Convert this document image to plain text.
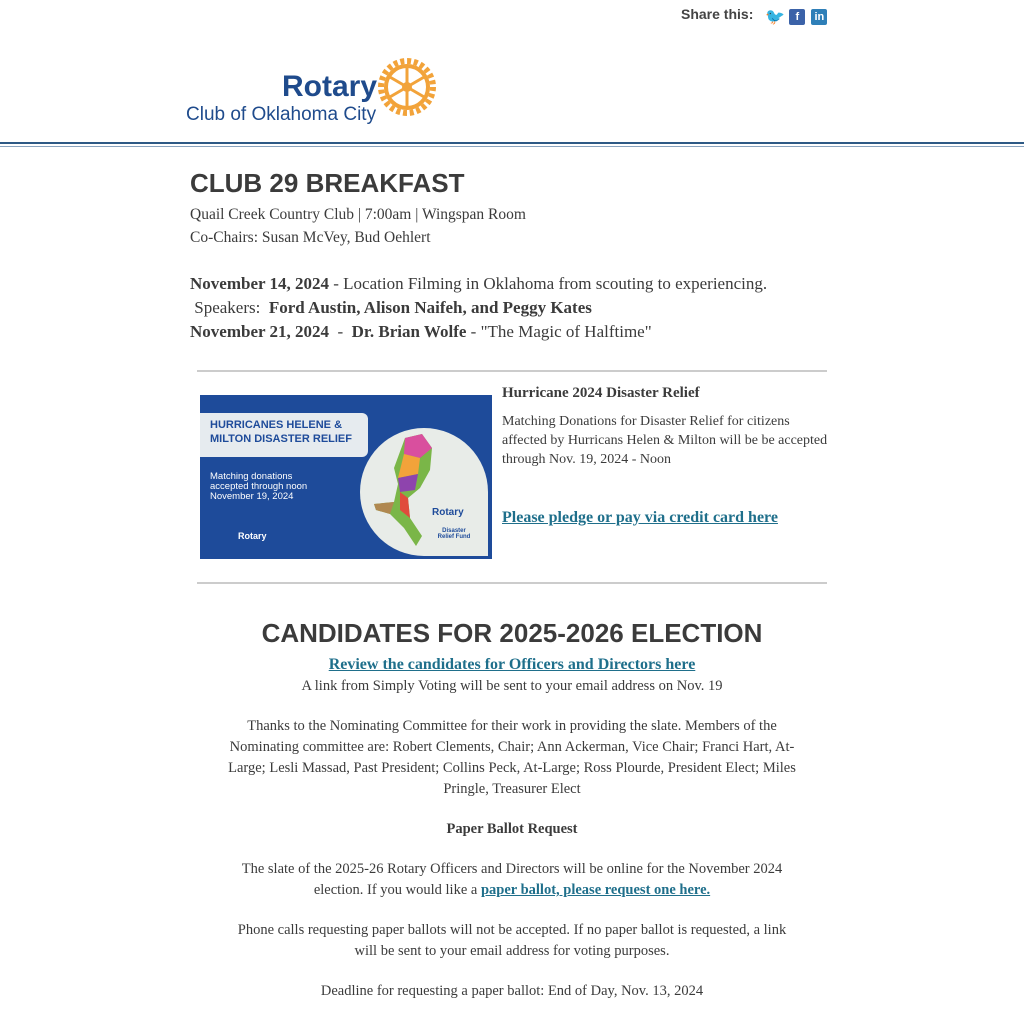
Share this: 🐦 f	in
Rotary
Club of Oklahoma City
CLUB 29 BREAKFAST
Quail Creek Country Club | 7:00am | Wingspan Room
Co-Chairs: Susan McVey, Bud Oehlert
November 14, 2024 - Location Filming in Oklahoma from scouting to experiencing.
Speakers: Ford Austin, Alison Naifeh, and Peggy Kates
November 21, 2024  -  Dr. Brian Wolfe - "The Magic of Halftime"
HURRICANES HELENE & MILTON DISASTER RELIEF
Matching donations
accepted through noon
November 19, 2024
Rotary
Disaster Relief Fund
Rotary
Hurricane 2024 Disaster Relief

Matching Donations for Disaster Relief for citizens affected by Hurricans Helen & Milton will be be accepted through Nov. 19, 2024 - Noon

Please pledge or pay via credit card here
CANDIDATES FOR 2025-2026 ELECTION
Review the candidates for Officers and Directors here

A link from Simply Voting will be sent to your email address on Nov. 19

Thanks to the Nominating Committee for their work in providing the slate. Members of the Nominating committee are: Robert Clements, Chair; Ann Ackerman, Vice Chair; Franci Hart, At-Large; Lesli Massad, Past President; Collins Peck, At-Large; Ross Plourde, President Elect; Miles Pringle, Treasurer Elect

Paper Ballot Request

The slate of the 2025-26 Rotary Officers and Directors will be online for the November 2024 election. If you would like a paper ballot, please request one here.

Phone calls requesting paper ballots will not be accepted. If no paper ballot is requested, a link will be sent to your email address for voting purposes.

Deadline for requesting a paper ballot: End of Day, Nov. 13, 2024
